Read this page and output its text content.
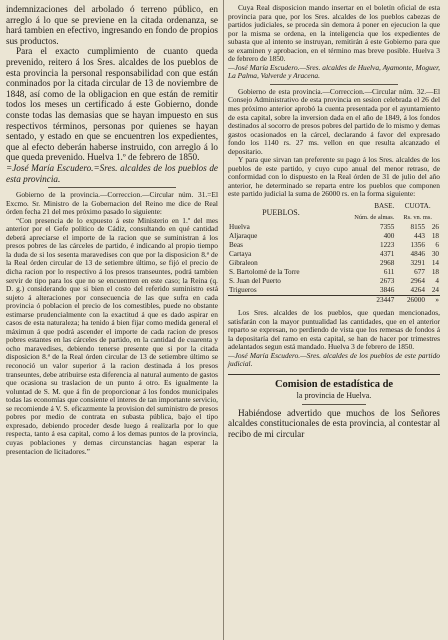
indemnizaciones del arbolado ó terreno público, en arreglo á lo que se previene en la citada ordenanza, se hará tambien en efectivo, ingresando en fondo de propios sus productos.

Para el exacto cumplimiento de cuanto queda prevenido, reitero á los Sres. alcaldes de los pueblos de esta provincia la personal responsabilidad con que están conminados por la citada circular de 13 de noviembre de 1848, así como de la obligacion en que están de remitir todos los meses un certificado á este Gobierno, donde conste todas las demasias que se hayan impuesto en sus respectivos términos, personas por quienes se hayan sentado, y estado en que se encuentren los expedientes, que al efecto deberán haberse instruido, con arreglo á lo que queda prevenido. Huelva 1.º de febrero de 1850.

=José María Escudero.=Sres. alcaldes de los pueblos de esta provincia.

Gobierno de la provincia.—Correccion.—Circular núm. 31.=El Excmo. Sr. Ministro de la Gobernacion del Reino me dice de Real órden fecha 21 del mes próximo pasado lo siguiente:

“Con presencia de lo expuesto á este Ministerio en 1.º del mes anterior por el Gefe político de Cádiz, consultando en qué cantidad deberá apreciarse el importe de la racion que se suministran á los presos pobres de las cárceles de partido, é indicando al propio tiempo la duda de si los sesenta maravedises con que por la disposicion 8.ª de la Real órden circular de 13 de setiembre último, se fijó el precio de dicha racion por lo respectivo á los presos transeuntes, podrá tambien servir de tipo para los que no se encuentren en este caso; la Reina (q. D. g.) considerando que si bien el costo del referido suministro está sujeto á alteraciones por consecuencia de las que sufra en cada provincia ó poblacion el precio de los comestibles, puede no obstante estimarse prudencialmente con la exactitud á que es dado aspirar en casos de esta naturaleza; ha tenido á bien fijar como medida general el máximun á que podrá ascender el importe de cada racion de presos pobres estantes en las cárceles de partido, en la cantidad de cuarenta y ocho maravedises, debiendo tenerse presente que si por la citada disposicion 8.ª de la Real órden circular de 13 de setiembre último se reconoció un valor superior á la racion destinada á los presos transeuntes, debe atribuirse esta diferencia al natural aumento de gastos que ocasiona su traslacion de un punto á otro. Es igualmente la voluntad de S. M. que á fin de proporcionar á los fondos municipales todas las economías que consiente el interes de tan importante servicio, se recomiende á V. S. eficazmente la provision del suministro de presos pobres por medio de contrata en subasta pública, bajo el tipo expresado, debiendo proceder desde luego á realizarla por lo que respecta, tanto á esa capital, como á los demas puntos de la provincia, cuyas poblaciones y demas circunstancias hagan esperar la presentacion de licitadores.”

Cuya Real disposicion mando insertar en el boletín oficial de esta provincia para que, por los Sres. alcaldes de los pueblos cabezas de partidos judiciales, se proceda sin demora á poner en ejecucion la que por la misma se ordena, en la inteligencia que los expedientes de subasta que al intento se instruyan, remitirán á este Gobierno para que se examinen y aprobacion, en el término mas breve posible. Huelva 3 de febrero de 1850.

—José María Escudero.—Sres. alcaldes de Huelva, Ayamonte, Moguer, La Palma, Valverde y Aracena.

Gobierno de esta provincia.—Correccion.—Circular núm. 32.—El Consejo Administrativo de esta provincia en sesion celebrada el 26 del mes próximo anterior aprobó la cuenta presentada por el ayuntamiento de esta capital, sobre la inversion dada en el año de 1849, á los fondos destinados al socorro de presos pobres del partido de lo mismo y demas gastos ocasionados en la cárcel, declarando á favor del expresado fondo los 1140 rs. 27 ms. vellon en que resulta alcanzado el depositario.

Y para que sirvan tan preferente su pago á los Sres. alcaldes de los pueblos de este partido, y cuyo cupo anual del menor retraso, de conformidad con lo dispuesto en la Real órden de 31 de julio del año anterior, he determinado se reparta entre los pueblos que componen este partido judicial la suma de 26000 rs. en la forma siguiente:

PUEBLOS.	BASE.	CUOTA.	
	Núm. de almas.	Rs. vn. ms.	
Huelva	7355	8155	26
Aljaraque	400	443	18
Beas	1223	1356	6
Cartaya	4371	4846	30
Gibraleon	2968	3291	14
S. Bartolomé de la Torre	611	677	18
S. Juan del Puerto	2673	2964	4
Trigueros	3846	4264	24
	23447	26000	»

Los Sres. alcaldes de los pueblos, que quedan mencionados, satisfarán con la mayor puntualidad las cantidades, que en el anterior reparto se expresan, no perdiendo de vista que los remesas de fondos á la depositaría del ramo en esta capital, se han de hacer por trimestres adelantados segun está mandado. Huelva 3 de febrero de 1850.

—José María Escudero.—Sres. alcaldes de los pueblos de este partido judicial.

Comision de estadística de

la provincia de Huelva.

Habiéndose advertido que muchos de los Señores alcaldes constitucionales de esta provincia, al contestar al recibo de mi circular
